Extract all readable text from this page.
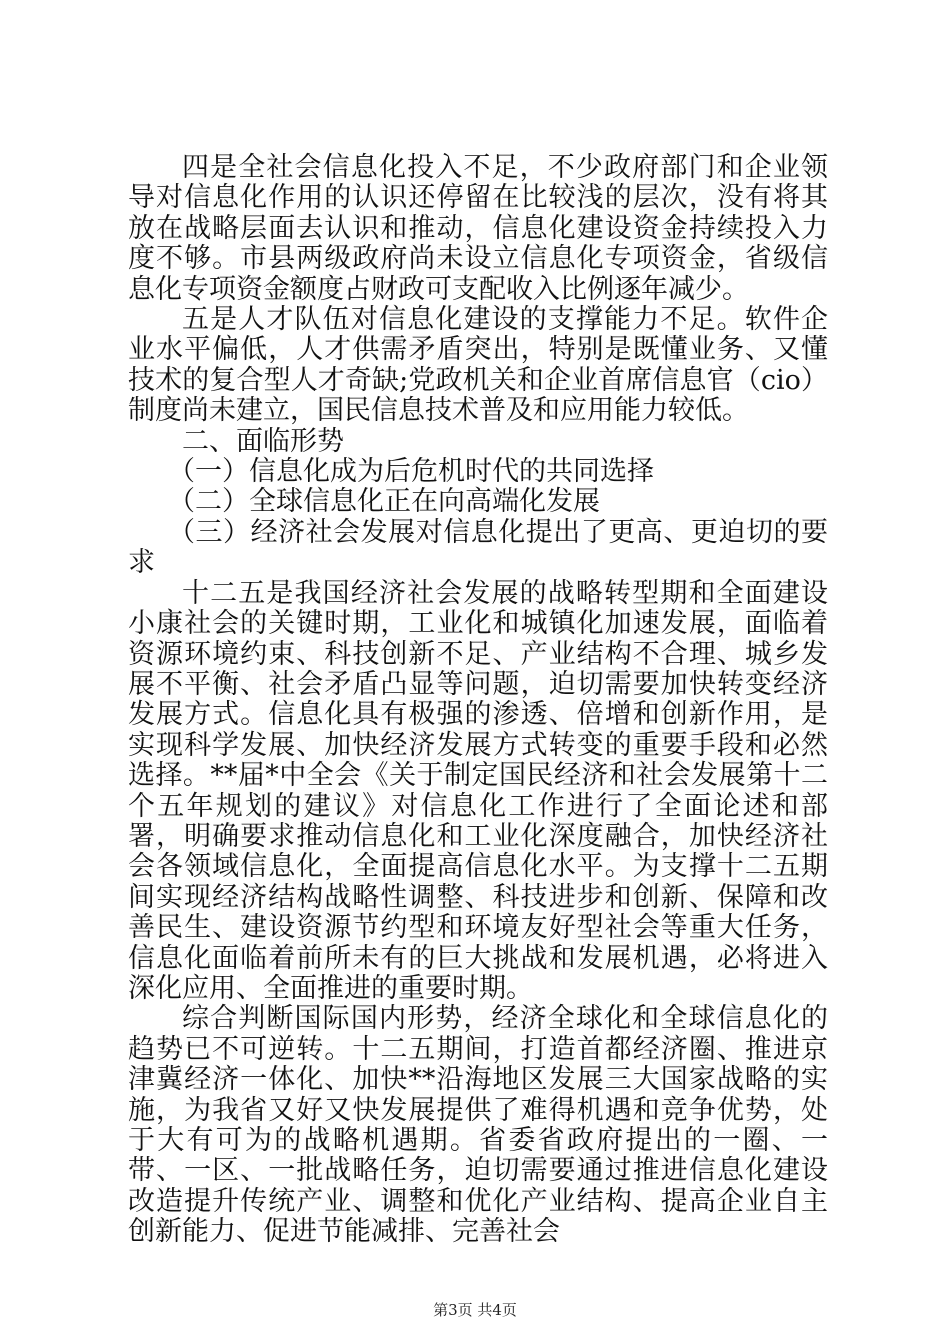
四是全社会信息化投入不足，不少政府部门和企业领导对信息化作用的认识还停留在比较浅的层次，没有将其放在战略层面去认识和推动，信息化建设资金持续投入力度不够。市县两级政府尚未设立信息化专项资金，省级信息化专项资金额度占财政可支配收入比例逐年减少。

五是人才队伍对信息化建设的支撑能力不足。软件企业水平偏低，人才供需矛盾突出，特别是既懂业务、又懂技术的复合型人才奇缺;党政机关和企业首席信息官（cio）制度尚未建立，国民信息技术普及和应用能力较低。

二、面临形势

（一）信息化成为后危机时代的共同选择

（二）全球信息化正在向高端化发展

（三）经济社会发展对信息化提出了更高、更迫切的要求

十二五是我国经济社会发展的战略转型期和全面建设小康社会的关键时期，工业化和城镇化加速发展，面临着资源环境约束、科技创新不足、产业结构不合理、城乡发展不平衡、社会矛盾凸显等问题，迫切需要加快转变经济发展方式。信息化具有极强的渗透、倍增和创新作用，是实现科学发展、加快经济发展方式转变的重要手段和必然选择。**届*中全会《关于制定国民经济和社会发展第十二个五年规划的建议》对信息化工作进行了全面论述和部署，明确要求推动信息化和工业化深度融合，加快经济社会各领域信息化，全面提高信息化水平。为支撑十二五期间实现经济结构战略性调整、科技进步和创新、保障和改善民生、建设资源节约型和环境友好型社会等重大任务，信息化面临着前所未有的巨大挑战和发展机遇，必将进入深化应用、全面推进的重要时期。

综合判断国际国内形势，经济全球化和全球信息化的趋势已不可逆转。十二五期间，打造首都经济圈、推进京津冀经济一体化、加快**沿海地区发展三大国家战略的实施，为我省又好又快发展提供了难得机遇和竞争优势，处于大有可为的战略机遇期。省委省政府提出的一圈、一带、一区、一批战略任务，迫切需要通过推进信息化建设改造提升传统产业、调整和优化产业结构、提高企业自主创新能力、促进节能减排、完善社会

第3页 共4页
